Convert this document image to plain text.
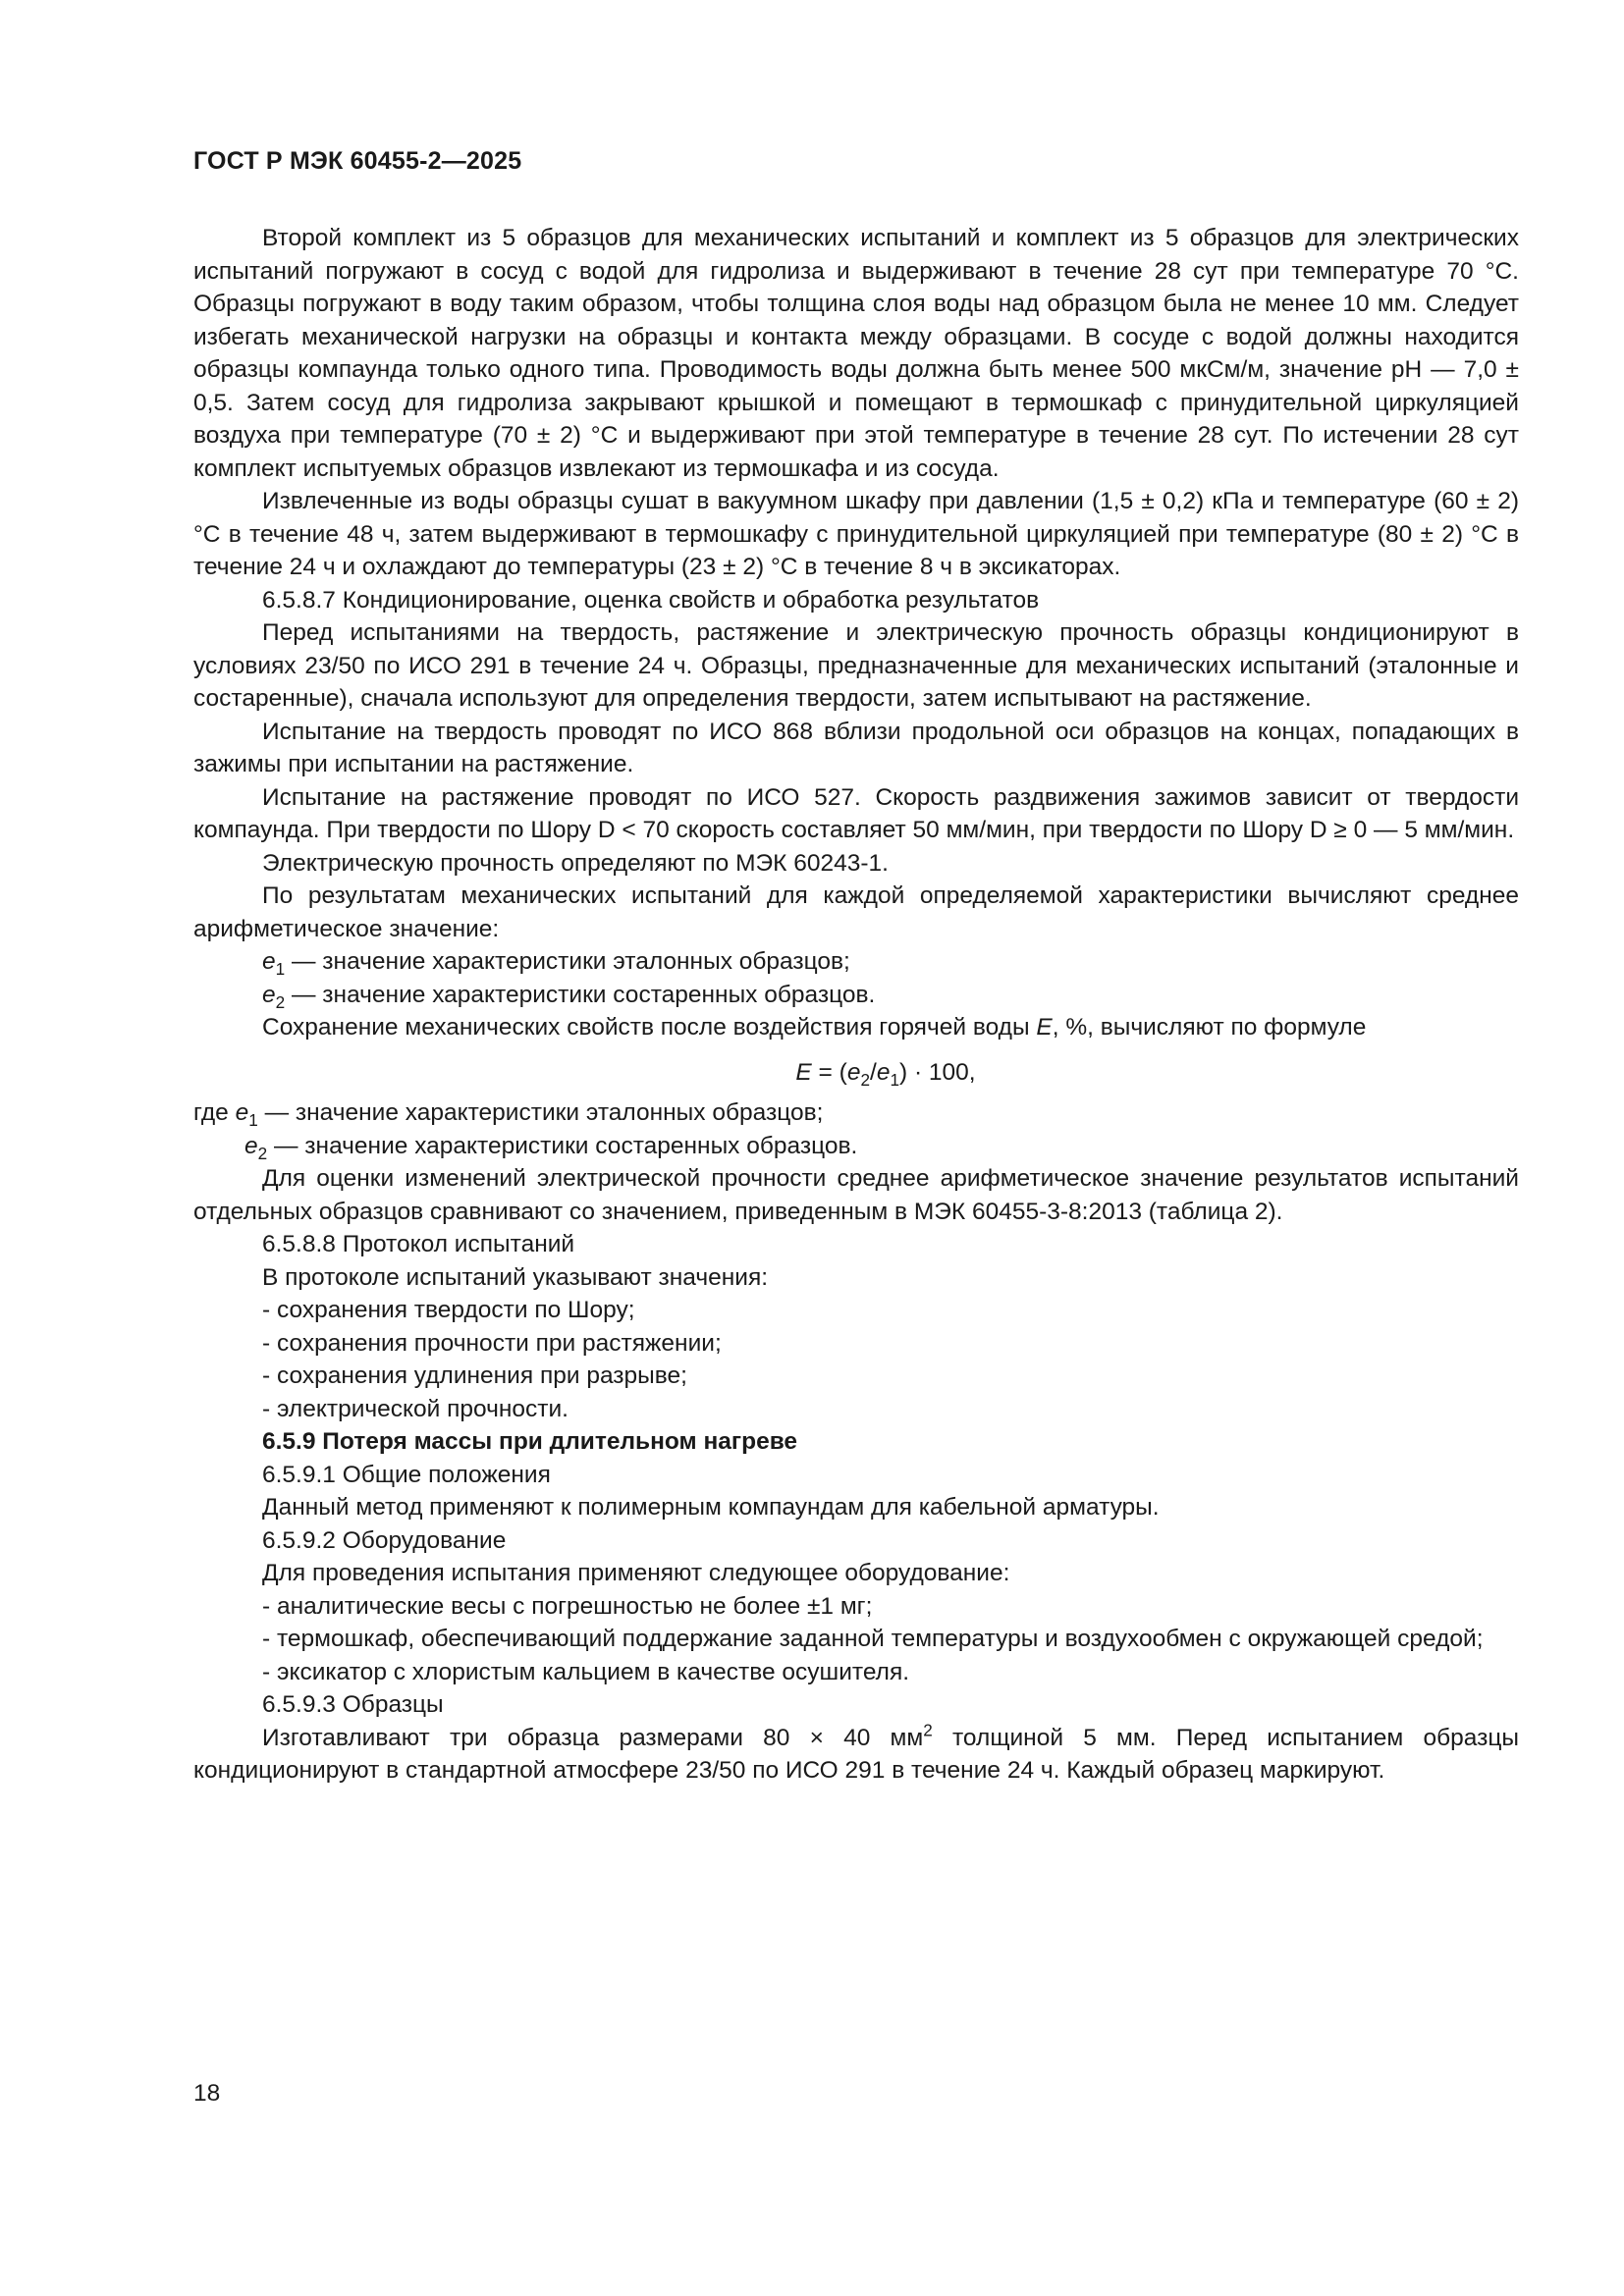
ГОСТ Р МЭК 60455-2—2025

Второй комплект из 5 образцов для механических испытаний и комплект из 5 образцов для электрических испытаний погружают в сосуд с водой для гидролиза и выдерживают в течение 28 сут при температуре 70 °С. Образцы погружают в воду таким образом, чтобы толщина слоя воды над образцом была не менее 10 мм. Следует избегать механической нагрузки на образцы и контакта между образцами. В сосуде с водой должны находится образцы компаунда только одного типа. Проводимость воды должна быть менее 500 мкСм/м, значение pH — 7,0 ± 0,5. Затем сосуд для гидролиза закрывают крышкой и помещают в термошкаф с принудительной циркуляцией воздуха при температуре (70 ± 2) °С и выдерживают при этой температуре в течение 28 сут. По истечении 28 сут комплект испытуемых образцов извлекают из термошкафа и из сосуда.

Извлеченные из воды образцы сушат в вакуумном шкафу при давлении (1,5 ± 0,2) кПа и температуре (60 ± 2) °С в течение 48 ч, затем выдерживают в термошкафу с принудительной циркуляцией при температуре (80 ± 2) °С в течение 24 ч и охлаждают до температуры (23 ± 2) °С в течение 8 ч в эксикаторах.

6.5.8.7 Кондиционирование, оценка свойств и обработка результатов

Перед испытаниями на твердость, растяжение и электрическую прочность образцы кондиционируют в условиях 23/50 по ИСО 291 в течение 24 ч. Образцы, предназначенные для механических испытаний (эталонные и состаренные), сначала используют для определения твердости, затем испытывают на растяжение.

Испытание на твердость проводят по ИСО 868 вблизи продольной оси образцов на концах, попадающих в зажимы при испытании на растяжение.

Испытание на растяжение проводят по ИСО 527. Скорость раздвижения зажимов зависит от твердости компаунда. При твердости по Шору D < 70 скорость составляет 50 мм/мин, при твердости по Шору D ≥ 0 — 5 мм/мин.

Электрическую прочность определяют по МЭК 60243-1.

По результатам механических испытаний для каждой определяемой характеристики вычисляют среднее арифметическое значение:

$e_1$ — значение характеристики эталонных образцов;

$e_2$ — значение характеристики состаренных образцов.

Сохранение механических свойств после воздействия горячей воды E, %, вычисляют по формуле

$E = (e_2/e_1) \cdot 100$,

где $e_1$ — значение характеристики эталонных образцов;

$e_2$ — значение характеристики состаренных образцов.

Для оценки изменений электрической прочности среднее арифметическое значение результатов испытаний отдельных образцов сравнивают со значением, приведенным в МЭК 60455-3-8:2013 (таблица 2).

6.5.8.8 Протокол испытаний

В протоколе испытаний указывают значения:

- сохранения твердости по Шору;

- сохранения прочности при растяжении;

- сохранения удлинения при разрыве;

- электрической прочности.

6.5.9 Потеря массы при длительном нагреве

6.5.9.1 Общие положения

Данный метод применяют к полимерным компаундам для кабельной арматуры.

6.5.9.2 Оборудование

Для проведения испытания применяют следующее оборудование:

- аналитические весы с погрешностью не более ±1 мг;

- термошкаф, обеспечивающий поддержание заданной температуры и воздухообмен с окружающей средой;

- эксикатор с хлористым кальцием в качестве осушителя.

6.5.9.3 Образцы

Изготавливают три образца размерами 80 × 40 $мм^2$ толщиной 5 мм. Перед испытанием образцы кондиционируют в стандартной атмосфере 23/50 по ИСО 291 в течение 24 ч. Каждый образец маркируют.

18
